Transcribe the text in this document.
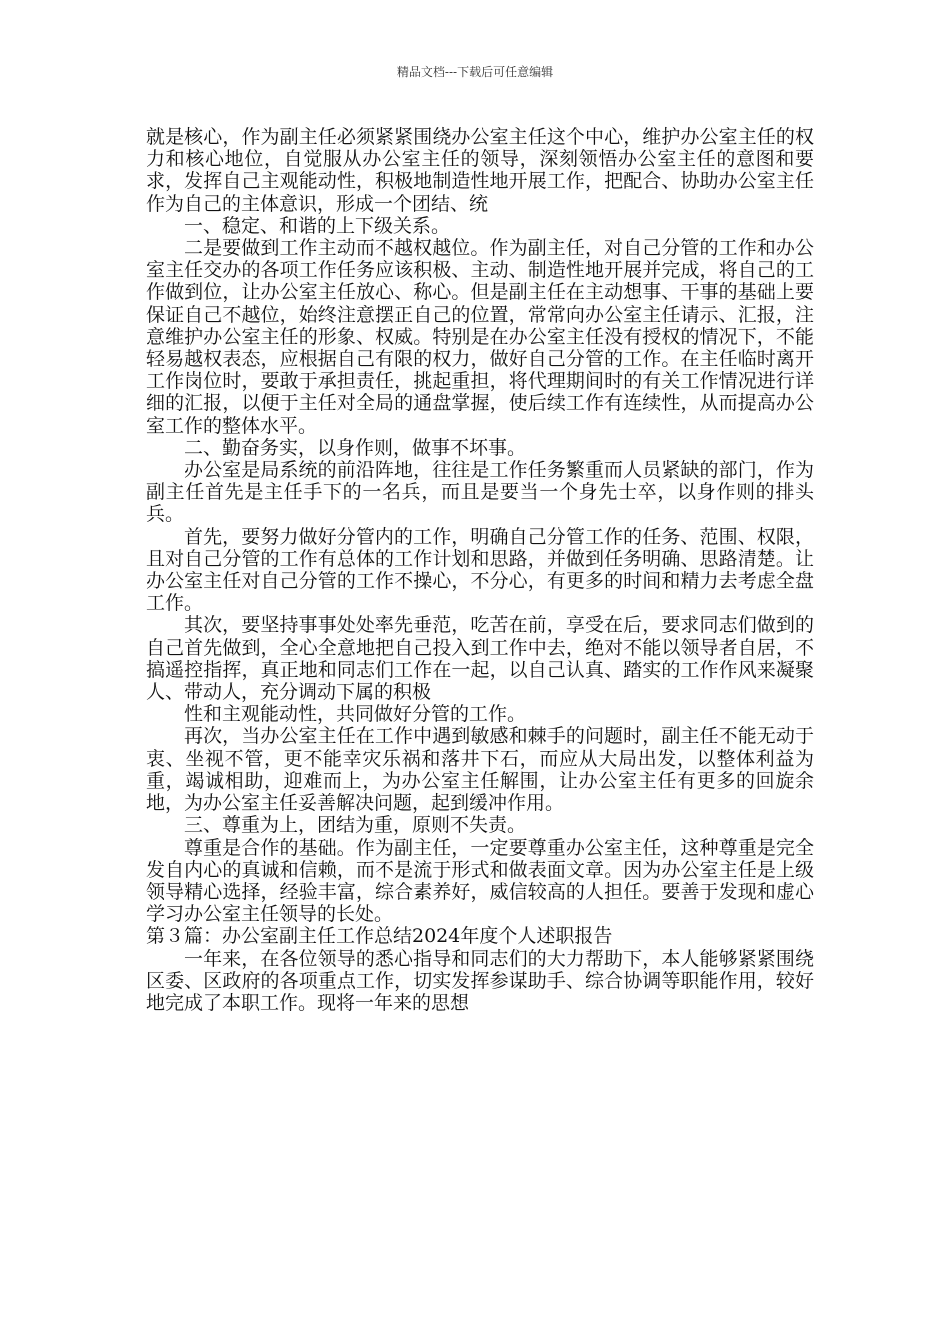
精品文档---下载后可任意编辑

就是核心，作为副主任必须紧紧围绕办公室主任这个中心，维护办公室主任的权力和核心地位，自觉服从办公室主任的领导，深刻领悟办公室主任的意图和要求，发挥自己主观能动性，积极地制造性地开展工作，把配合、协助办公室主任作为自己的主体意识，形成一个团结、统

一、稳定、和谐的上下级关系。

二是要做到工作主动而不越权越位。作为副主任，对自己分管的工作和办公室主任交办的各项工作任务应该积极、主动、制造性地开展并完成，将自己的工作做到位，让办公室主任放心、称心。但是副主任在主动想事、干事的基础上要保证自己不越位，始终注意摆正自己的位置，常常向办公室主任请示、汇报，注意维护办公室主任的形象、权威。特别是在办公室主任没有授权的情况下，不能轻易越权表态，应根据自己有限的权力，做好自己分管的工作。在主任临时离开工作岗位时，要敢于承担责任，挑起重担，将代理期间时的有关工作情况进行详细的汇报，以便于主任对全局的通盘掌握，使后续工作有连续性，从而提高办公室工作的整体水平。

二、勤奋务实，以身作则，做事不坏事。

办公室是局系统的前沿阵地，往往是工作任务繁重而人员紧缺的部门，作为副主任首先是主任手下的一名兵，而且是要当一个身先士卒，以身作则的排头兵。

首先，要努力做好分管内的工作，明确自己分管工作的任务、范围、权限，且对自己分管的工作有总体的工作计划和思路，并做到任务明确、思路清楚。让办公室主任对自己分管的工作不操心，不分心，有更多的时间和精力去考虑全盘工作。

其次，要坚持事事处处率先垂范，吃苦在前，享受在后，要求同志们做到的自己首先做到，全心全意地把自己投入到工作中去，绝对不能以领导者自居，不搞遥控指挥，真正地和同志们工作在一起，以自己认真、踏实的工作作风来凝聚人、带动人，充分调动下属的积极

性和主观能动性，共同做好分管的工作。

再次，当办公室主任在工作中遇到敏感和棘手的问题时，副主任不能无动于衷、坐视不管，更不能幸灾乐祸和落井下石，而应从大局出发，以整体利益为重，竭诚相助，迎难而上，为办公室主任解围，让办公室主任有更多的回旋余地，为办公室主任妥善解决问题，起到缓冲作用。

三、尊重为上，团结为重，原则不失责。

尊重是合作的基础。作为副主任，一定要尊重办公室主任，这种尊重是完全发自内心的真诚和信赖，而不是流于形式和做表面文章。因为办公室主任是上级领导精心选择，经验丰富，综合素养好，威信较高的人担任。要善于发现和虚心学习办公室主任领导的长处。

第３篇：办公室副主任工作总结2024年度个人述职报告

一年来，在各位领导的悉心指导和同志们的大力帮助下，本人能够紧紧围绕区委、区政府的各项重点工作，切实发挥参谋助手、综合协调等职能作用，较好地完成了本职工作。现将一年来的思想
